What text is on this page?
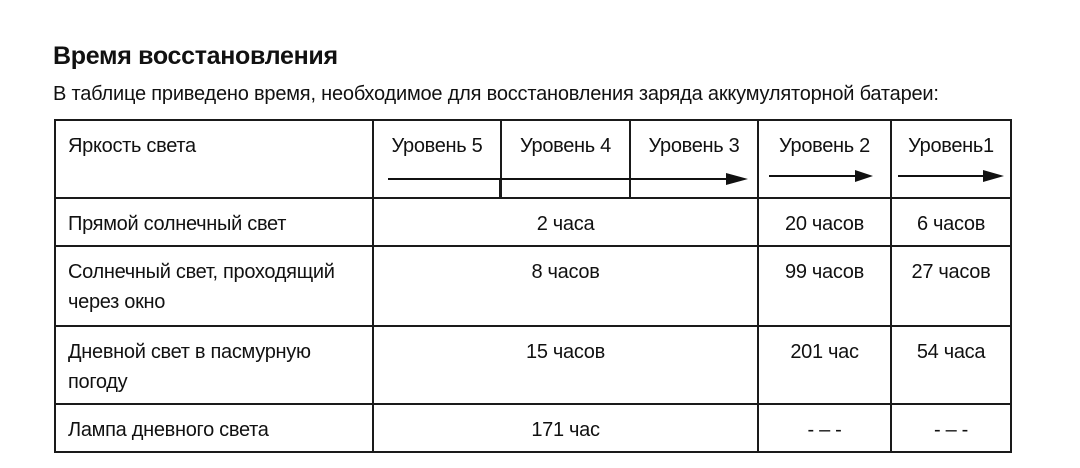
Время восстановления
В таблице приведено время, необходимое для восстановления заряда аккумуляторной батареи:
Яркость света	Уровень 5	Уровень 4	Уровень 3	Уровень 2	Уровень1

Прямой солнечный свет	2 часа			20 часов	6 часов
Солнечный свет, проходящий через окно	8 часов			99 часов	27 часов
Дневной свет в пасмурную погоду	15 часов			201 час	54 часа
Лампа дневного света	171 час			- – -	- – -
